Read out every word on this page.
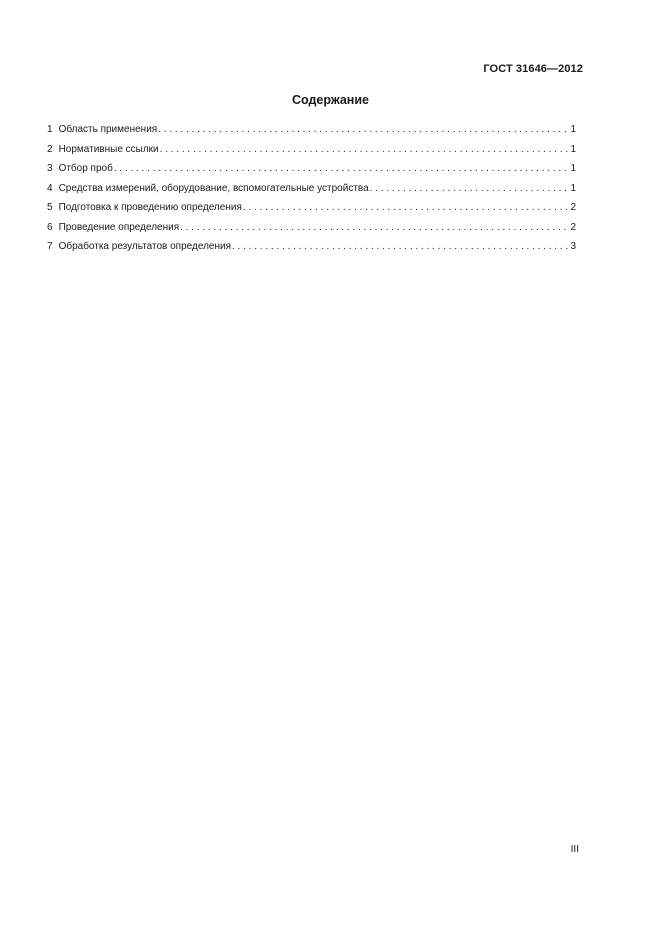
ГОСТ 31646—2012
Содержание
1 Область применения . . .	1
2 Нормативные ссылки . . .	1
3 Отбор проб . . .	1
4 Средства измерений, оборудование, вспомогательные устройства . . .	1
5 Подготовка к проведению определения . . .	2
6 Проведение определения . . .	2
7 Обработка результатов определения . . .	3
III
